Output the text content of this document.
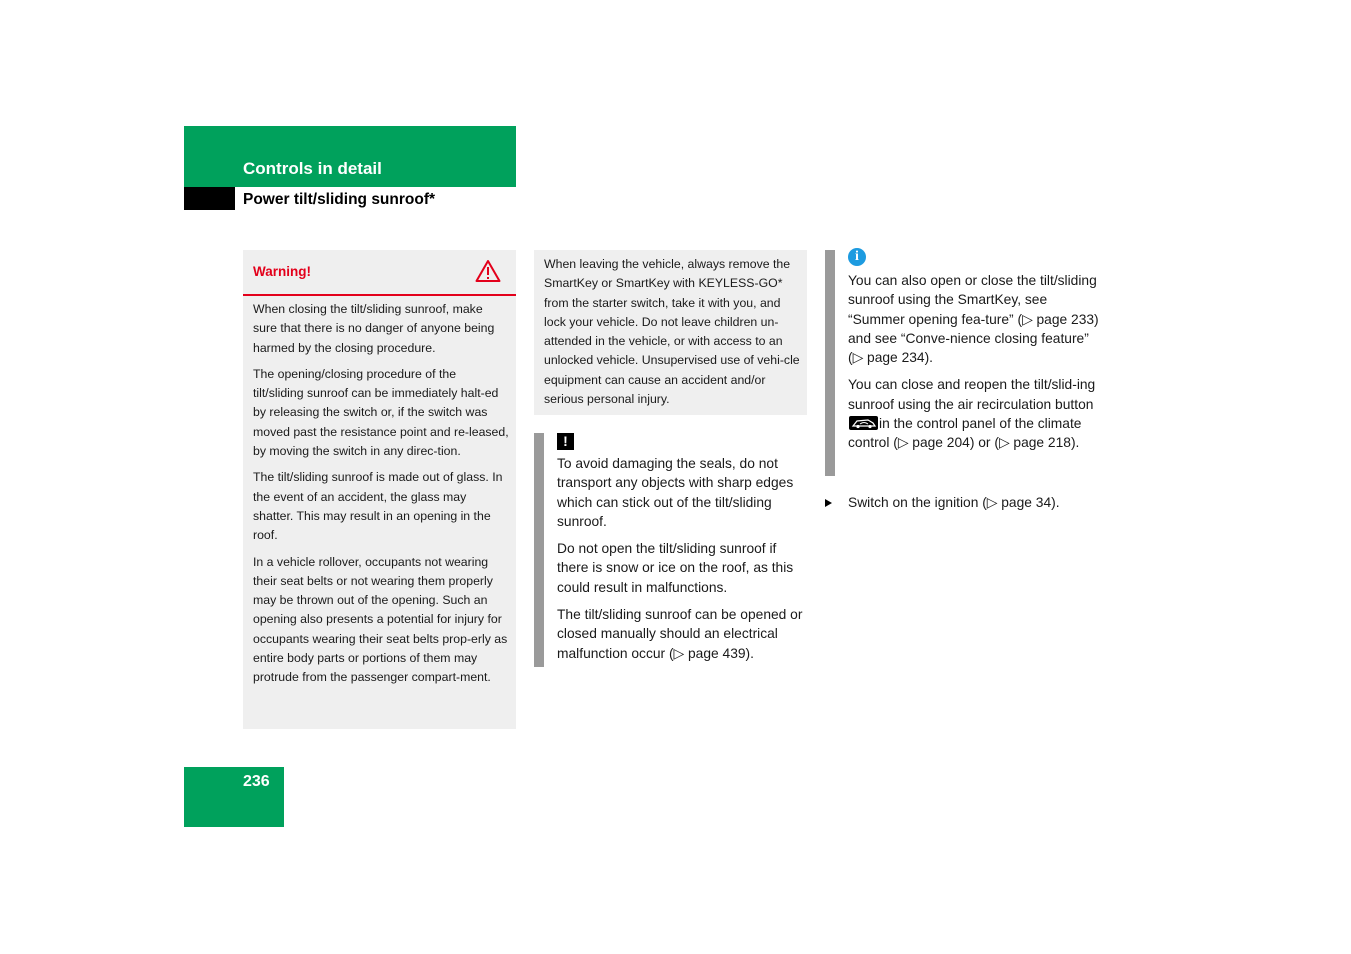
Controls in detail
Power tilt/sliding sunroof*
Warning!

When closing the tilt/sliding sunroof, make sure that there is no danger of anyone being harmed by the closing procedure.

The opening/closing procedure of the tilt/sliding sunroof can be immediately halt-ed by releasing the switch or, if the switch was moved past the resistance point and re-leased, by moving the switch in any direc-tion.

The tilt/sliding sunroof is made out of glass. In the event of an accident, the glass may shatter. This may result in an opening in the roof.

In a vehicle rollover, occupants not wearing their seat belts or not wearing them properly may be thrown out of the opening. Such an opening also presents a potential for injury for occupants wearing their seat belts prop-erly as entire body parts or portions of them may protrude from the passenger compart-ment.

When leaving the vehicle, always remove the SmartKey or SmartKey with KEYLESS-GO* from the starter switch, take it with you, and lock your vehicle. Do not leave children un-attended in the vehicle, or with access to an unlocked vehicle. Unsupervised use of vehi-cle equipment can cause an accident and/or serious personal injury.

!

To avoid damaging the seals, do not transport any objects with sharp edges which can stick out of the tilt/sliding sunroof.

Do not open the tilt/sliding sunroof if there is snow or ice on the roof, as this could result in malfunctions.

The tilt/sliding sunroof can be opened or closed manually should an electrical malfunction occur (▷ page 439).

i

You can also open or close the tilt/sliding sunroof using the SmartKey, see “Summer opening fea-ture” (▷ page 233) and see “Conve-nience closing feature” (▷ page 234).

You can close and reopen the tilt/slid-ing sunroof using the air recirculation button
in the control panel of the climate control (▷ page 204) or (▷ page 218).

Switch on the ignition (▷ page 34).
236
